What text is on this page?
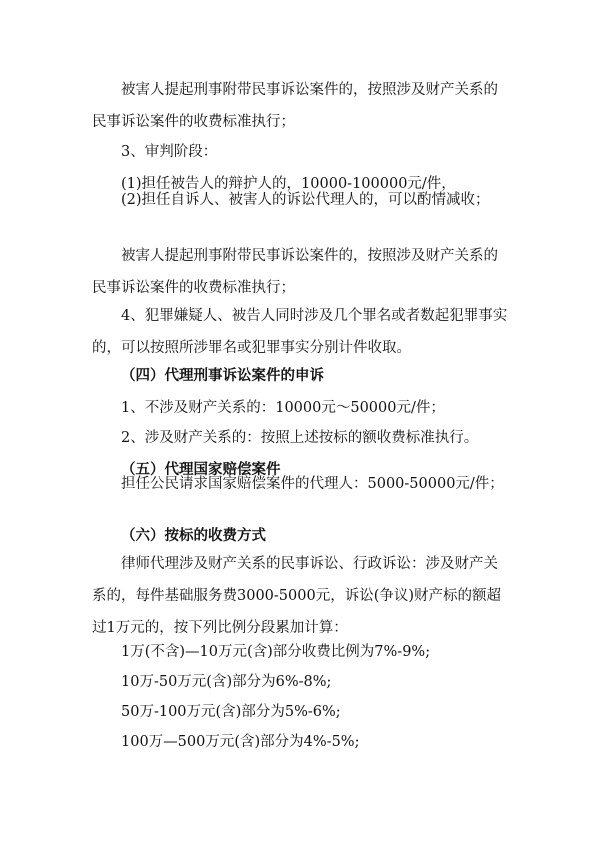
被害人提起刑事附带民事诉讼案件的，按照涉及财产关系的民事诉讼案件的收费标准执行；
3、审判阶段：
(1)担任被告人的辩护人的，10000-100000元/件，
(2)担任自诉人、被害人的诉讼代理人的，可以酌情减收；
被害人提起刑事附带民事诉讼案件的，按照涉及财产关系的民事诉讼案件的收费标准执行；
4、犯罪嫌疑人、被告人同时涉及几个罪名或者数起犯罪事实的，可以按照所涉罪名或犯罪事实分别计件收取。
（四）代理刑事诉讼案件的申诉
1、不涉及财产关系的：10000元～50000元/件；
2、涉及财产关系的：按照上述按标的额收费标准执行。
（五）代理国家赔偿案件
担任公民请求国家赔偿案件的代理人：5000-50000元/件；
（六）按标的收费方式
律师代理涉及财产关系的民事诉讼、行政诉讼：涉及财产关系的，每件基础服务费3000-5000元，诉讼(争议)财产标的额超过1万元的，按下列比例分段累加计算：
1万(不含)—10万元(含)部分收费比例为7%-9%;
10万-50万元(含)部分为6%-8%;
50万-100万元(含)部分为5%-6%;
100万—500万元(含)部分为4%-5%;
